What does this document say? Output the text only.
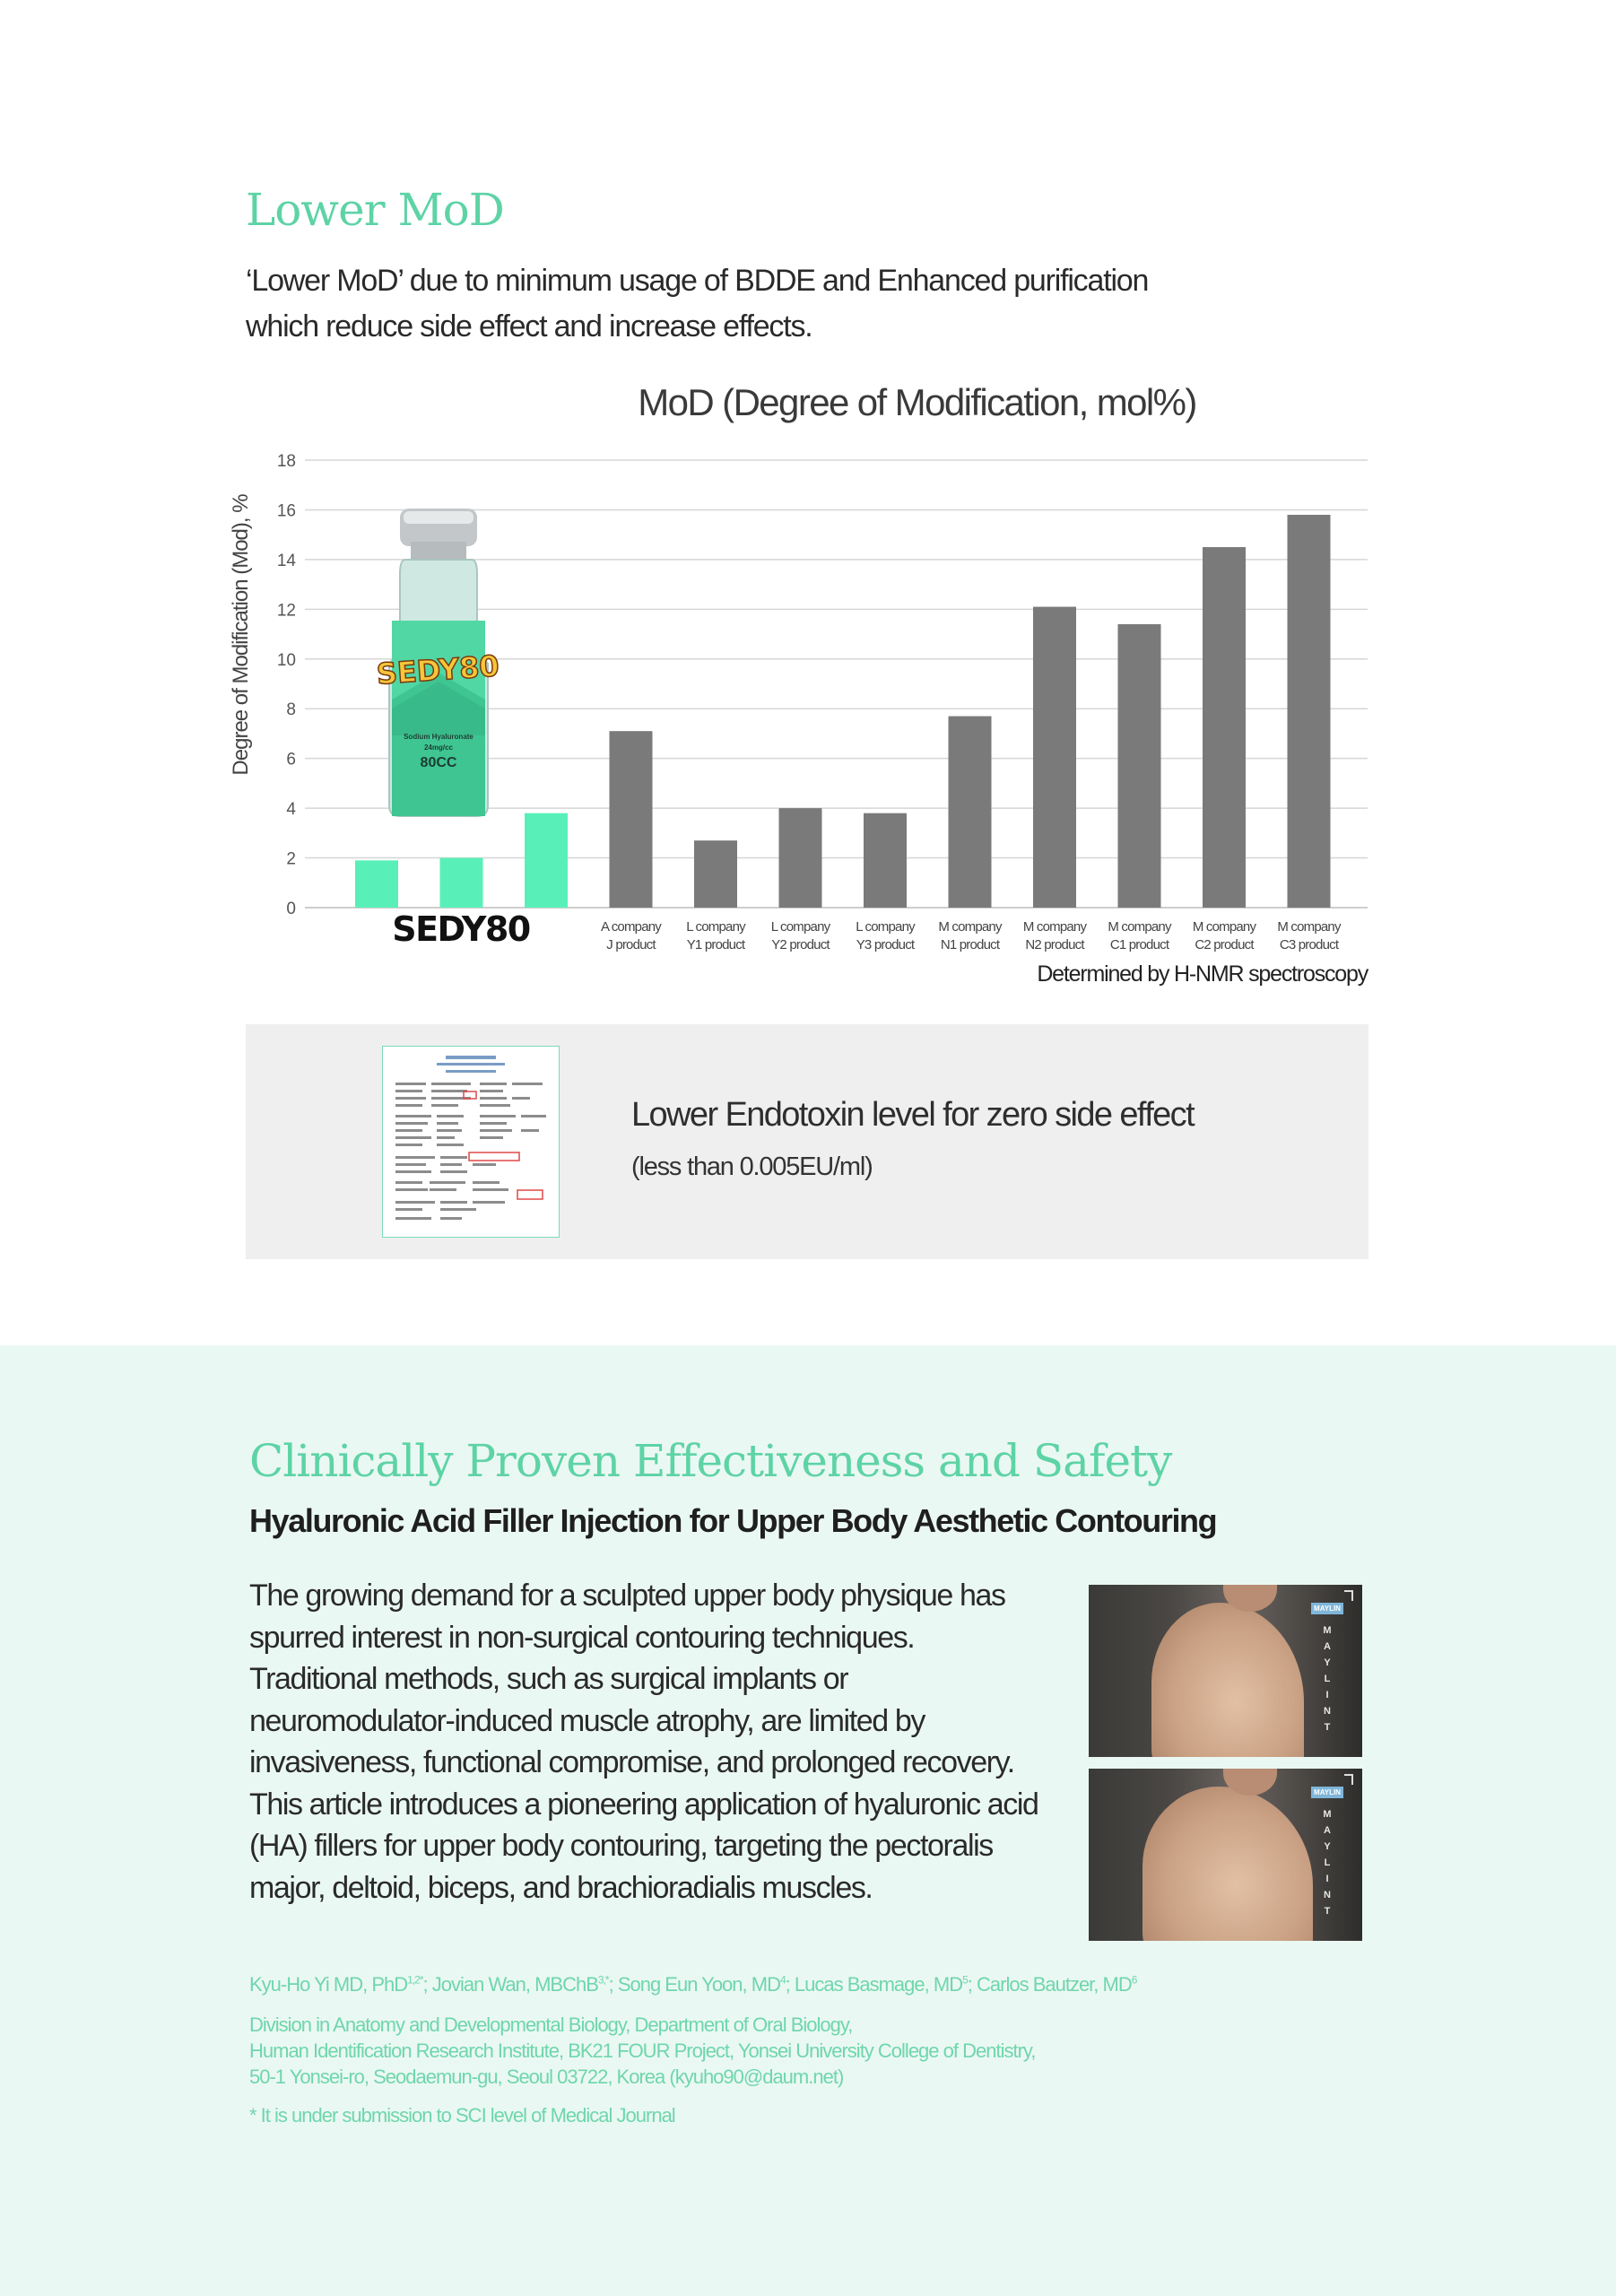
Lower MoD
‘Lower MoD’ due to minimum usage of BDDE and Enhanced purification
which reduce side effect and increase effects.
MoD (Degree of Modification, mol%)
Degree of Modification (Mod), %
0
2
4
6
8
10
12
14
16
18
A company
J product
L company
Y1 product
L company
Y2 product
L company
Y3 product
M company
N1 product
M company
N2 product
M company
C1 product
M company
C2 product
M company
C3 product
SEDY80
Sodium Hyaluronate
24mg/cc
80CC
SEDY80
Determined by H-NMR spectroscopy
Lower Endotoxin level for zero side effect
(less than 0.005EU/ml)
Clinically Proven Effectiveness and Safety
Hyaluronic Acid Filler Injection for Upper Body Aesthetic Contouring
The growing demand for a sculpted upper body physique has spurred interest in non-surgical contouring techniques. Traditional methods, such as surgical implants or neuromodulator-induced muscle atrophy, are limited by invasiveness, functional compromise, and prolonged recovery. This article introduces a pioneering application of hyaluronic acid (HA) fillers for upper body contouring, targeting the pectoralis major, deltoid, biceps, and brachioradialis muscles.
MAYLIN
M
A
Y
L
I
N
T
MAYLIN
M
A
Y
L
I
N
T
Kyu-Ho Yi MD, PhD$^{1,2*}$; Jovian Wan, MBChB$^{3,*}$; Song Eun Yoon, $MD^4$; Lucas Basmage, $MD^5$; Carlos Bautzer, $MD^6$
Division in Anatomy and Developmental Biology, Department of Oral Biology,
Human Identification Research Institute, BK21 FOUR Project, Yonsei University College of Dentistry,
50-1 Yonsei-ro, Seodaemun-gu, Seoul 03722, Korea (kyuho90@daum.net)
* It is under submission to SCI level of Medical Journal
